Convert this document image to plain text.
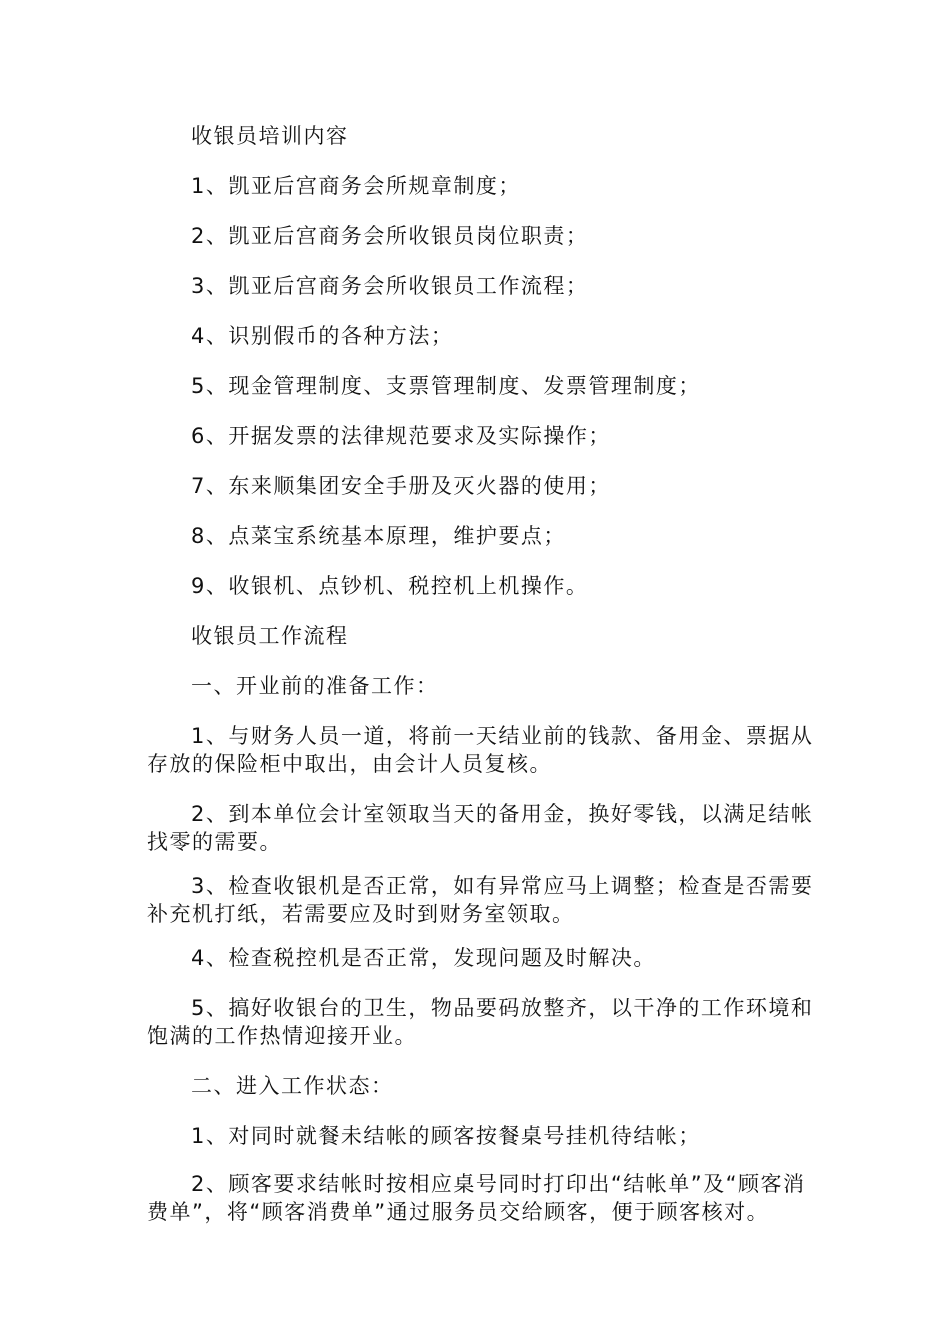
收银员培训内容

1、凯亚后宫商务会所规章制度；

2、凯亚后宫商务会所收银员岗位职责；

3、凯亚后宫商务会所收银员工作流程；

4、识别假币的各种方法；

5、现金管理制度、支票管理制度、发票管理制度；

6、开据发票的法律规范要求及实际操作；

7、东来顺集团安全手册及灭火器的使用；

8、点菜宝系统基本原理，维护要点；

9、收银机、点钞机、税控机上机操作。

收银员工作流程

一、开业前的准备工作：

1、与财务人员一道，将前一天结业前的钱款、备用金、票据从存放的保险柜中取出，由会计人员复核。

2、到本单位会计室领取当天的备用金，换好零钱，以满足结帐找零的需要。

3、检查收银机是否正常，如有异常应马上调整；检查是否需要补充机打纸，若需要应及时到财务室领取。

4、检查税控机是否正常，发现问题及时解决。

5、搞好收银台的卫生，物品要码放整齐，以干净的工作环境和饱满的工作热情迎接开业。

二、进入工作状态：

1、对同时就餐未结帐的顾客按餐桌号挂机待结帐；

2、顾客要求结帐时按相应桌号同时打印出“结帐单”及“顾客消费单”，将“顾客消费单”通过服务员交给顾客，便于顾客核对。
